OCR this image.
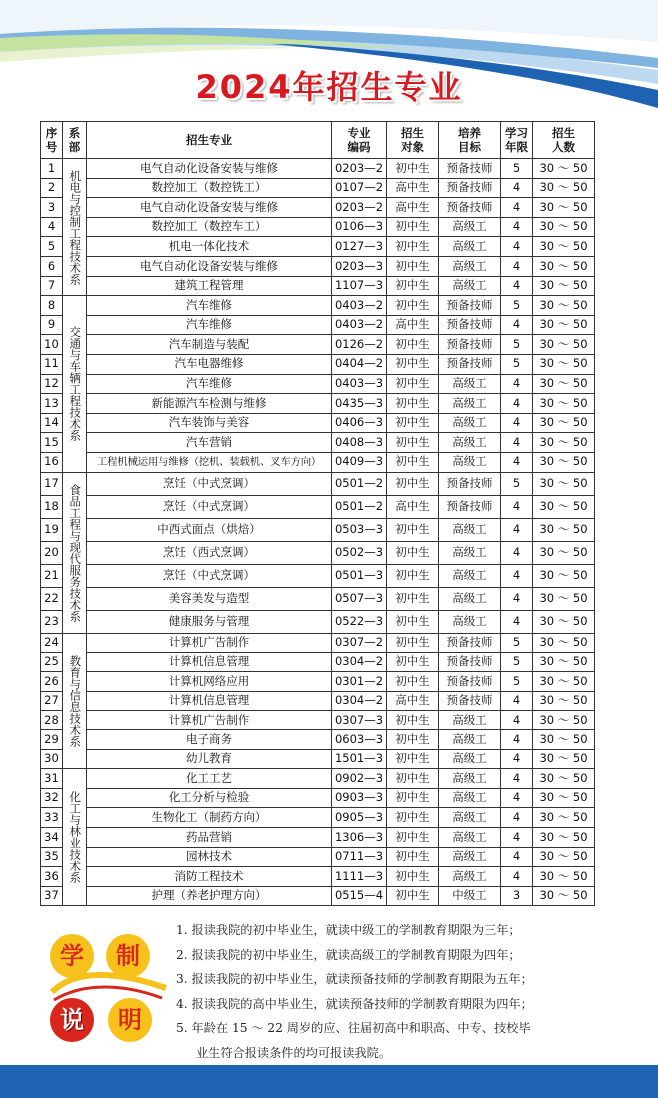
2024年招生专业
序号	系部	招生专业	专业编码	招生对象	培养目标	学习年限	招生人数
1	机电与控制工程技术系	电气自动化设备安装与维修	0203—2	初中生	预备技师	5	30 ～ 50
2		数控加工（数控铣工）	0107—2	高中生	预备技师	4	30 ～ 50
3		电气自动化设备安装与维修	0203—2	高中生	预备技师	4	30 ～ 50
4		数控加工（数控车工）	0106—3	初中生	高级工	4	30 ～ 50
5		机电一体化技术	0127—3	初中生	高级工	4	30 ～ 50
6		电气自动化设备安装与维修	0203—3	初中生	高级工	4	30 ～ 50
7		建筑工程管理	1107—3	初中生	高级工	4	30 ～ 50
8	交通与车辆工程技术系	汽车维修	0403—2	初中生	预备技师	5	30 ～ 50
9		汽车维修	0403—2	高中生	预备技师	4	30 ～ 50
10		汽车制造与装配	0126—2	初中生	预备技师	5	30 ～ 50
11		汽车电器维修	0404—2	初中生	预备技师	5	30 ～ 50
12		汽车维修	0403—3	初中生	高级工	4	30 ～ 50
13		新能源汽车检测与维修	0435—3	初中生	高级工	4	30 ～ 50
14		汽车装饰与美容	0406—3	初中生	高级工	4	30 ～ 50
15		汽车营销	0408—3	初中生	高级工	4	30 ～ 50
16		工程机械运用与维修（挖机、装载机、叉车方向）	0409—3	初中生	高级工	4	30 ～ 50
17	食品工程与现代服务技术系	烹饪（中式烹调）	0501—2	初中生	预备技师	5	30 ～ 50
18		烹饪（中式烹调）	0501—2	高中生	预备技师	4	30 ～ 50
19		中西式面点（烘焙）	0503—3	初中生	高级工	4	30 ～ 50
20		烹饪（西式烹调）	0502—3	初中生	高级工	4	30 ～ 50
21		烹饪（中式烹调）	0501—3	初中生	高级工	4	30 ～ 50
22		美容美发与造型	0507—3	初中生	高级工	4	30 ～ 50
23		健康服务与管理	0522—3	初中生	高级工	4	30 ～ 50
24	教育与信息技术系	计算机广告制作	0307—2	初中生	预备技师	5	30 ～ 50
25		计算机信息管理	0304—2	初中生	预备技师	5	30 ～ 50
26		计算机网络应用	0301—2	初中生	预备技师	5	30 ～ 50
27		计算机信息管理	0304—2	高中生	预备技师	4	30 ～ 50
28		计算机广告制作	0307—3	初中生	高级工	4	30 ～ 50
29		电子商务	0603—3	初中生	高级工	4	30 ～ 50
30		幼儿教育	1501—3	初中生	高级工	4	30 ～ 50
31	化工与林业技术系	化工工艺	0902—3	初中生	高级工	4	30 ～ 50
32		化工分析与检验	0903—3	初中生	高级工	4	30 ～ 50
33		生物化工（制药方向）	0905—3	初中生	高级工	4	30 ～ 50
34		药品营销	1306—3	初中生	高级工	4	30 ～ 50
35		园林技术	0711—3	初中生	高级工	4	30 ～ 50
36		消防工程技术	1111—3	初中生	高级工	4	30 ～ 50
37		护理（养老护理方向）	0515—4	初中生	中级工	3	30 ～ 50
学	制
说	明
1. 报读我院的初中毕业生，就读中级工的学制教育期限为三年；
2. 报读我院的初中毕业生，就读高级工的学制教育期限为四年；
3. 报读我院的初中毕业生，就读预备技师的学制教育期限为五年；
4. 报读我院的高中毕业生，就读预备技师的学制教育期限为四年；
5. 年龄在 15 ～ 22 周岁的应、往届初高中和职高、中专、技校毕
业生符合报读条件的均可报读我院。
